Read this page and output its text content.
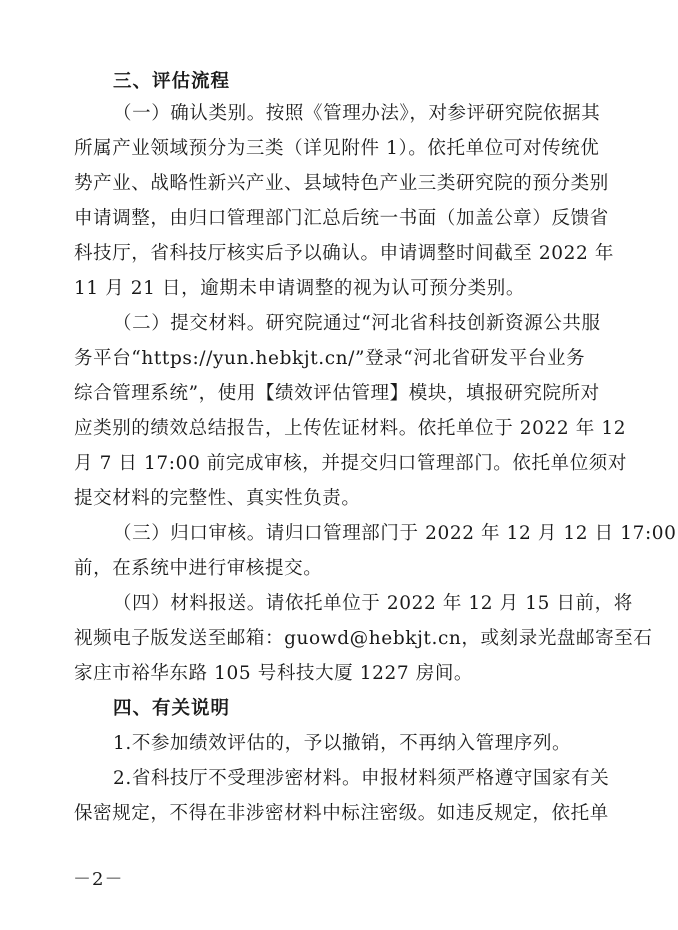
三、评估流程
（一）确认类别。按照《管理办法》，对参评研究院依据其
所属产业领域预分为三类（详见附件 1）。依托单位可对传统优
势产业、战略性新兴产业、县域特色产业三类研究院的预分类别
申请调整，由归口管理部门汇总后统一书面（加盖公章）反馈省
科技厅，省科技厅核实后予以确认。申请调整时间截至 2022 年
11 月 21 日，逾期未申请调整的视为认可预分类别。
（二）提交材料。研究院通过“河北省科技创新资源公共服
务平台“https://yun.hebkjt.cn/”登录“河北省研发平台业务
综合管理系统”，使用【绩效评估管理】模块，填报研究院所对
应类别的绩效总结报告，上传佐证材料。依托单位于 2022 年 12
月 7 日 17:00 前完成审核，并提交归口管理部门。依托单位须对
提交材料的完整性、真实性负责。
（三）归口审核。请归口管理部门于 2022 年 12 月 12 日 17:00
前，在系统中进行审核提交。
（四）材料报送。请依托单位于 2022 年 12 月 15 日前，将
视频电子版发送至邮箱：guowd@hebkjt.cn，或刻录光盘邮寄至石
家庄市裕华东路 105 号科技大厦 1227 房间。
四、有关说明
1.不参加绩效评估的，予以撤销，不再纳入管理序列。
2.省科技厅不受理涉密材料。申报材料须严格遵守国家有关
保密规定，不得在非涉密材料中标注密级。如违反规定，依托单
－2－
